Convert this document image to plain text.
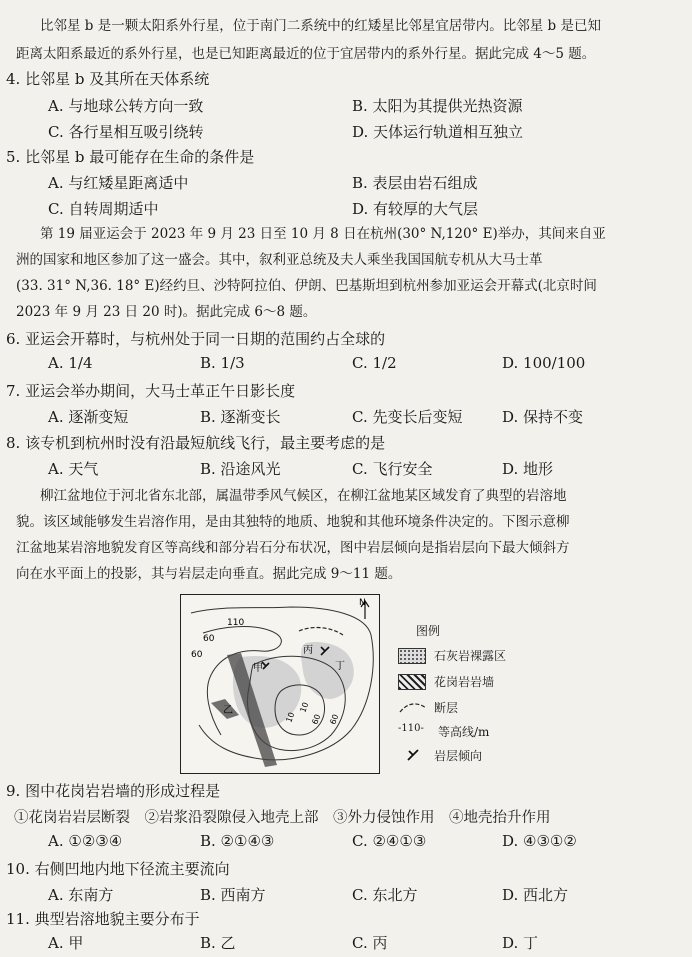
比邻星 b 是一颗太阳系外行星，位于南门二系统中的红矮星比邻星宜居带内。比邻星 b 是已知
距离太阳系最近的系外行星，也是已知距离最近的位于宜居带内的系外行星。据此完成 4～5 题。
4. 比邻星 b 及其所在天体系统
A. 与地球公转方向一致	B. 太阳为其提供光热资源
C. 各行星相互吸引绕转	D. 天体运行轨道相互独立
5. 比邻星 b 最可能存在生命的条件是
A. 与红矮星距离适中	B. 表层由岩石组成
C. 自转周期适中	D. 有较厚的大气层
第 19 届亚运会于 2023 年 9 月 23 日至 10 月 8 日在杭州(30° N,120° E)举办，其间来自亚
洲的国家和地区参加了这一盛会。其中，叙利亚总统及夫人乘坐我国国航专机从大马士革
(33. 31° N,36. 18° E)经约旦、沙特阿拉伯、伊朗、巴基斯坦到杭州参加亚运会开幕式(北京时间
2023 年 9 月 23 日 20 时)。据此完成 6～8 题。
6. 亚运会开幕时，与杭州处于同一日期的范围约占全球的
A. 1/4	B. 1/3	C. 1/2	D. 100/100
7. 亚运会举办期间，大马士革正午日影长度
A. 逐渐变短	B. 逐渐变长	C. 先变长后变短	D. 保持不变
8. 该专机到杭州时没有沿最短航线飞行，最主要考虑的是
A. 天气	B. 沿途风光	C. 飞行安全	D. 地形
柳江盆地位于河北省东北部，属温带季风气候区，在柳江盆地某区域发育了典型的岩溶地
貌。该区域能够发生岩溶作用，是由其独特的地质、地貌和其他环境条件决定的。下图示意柳
江盆地某岩溶地貌发育区等高线和部分岩石分布状况，图中岩层倾向是指岩层向下最大倾斜方
向在水平面上的投影，其与岩层走向垂直。据此完成 9～11 题。
N
110
60
60
10
10
60 60
丙
甲
乙
丁
图例
石灰岩裸露区
花岗岩岩墙
断层
-110- 等高线/m
岩层倾向
9. 图中花岗岩岩墙的形成过程是
①花岗岩岩层断裂　②岩浆沿裂隙侵入地壳上部　③外力侵蚀作用　④地壳抬升作用
A. ①②③④	B. ②①④③	C. ②④①③	D. ④③①②
10. 右侧凹地内地下径流主要流向
A. 东南方	B. 西南方	C. 东北方	D. 西北方
11. 典型岩溶地貌主要分布于
A. 甲	B. 乙	C. 丙	D. 丁
